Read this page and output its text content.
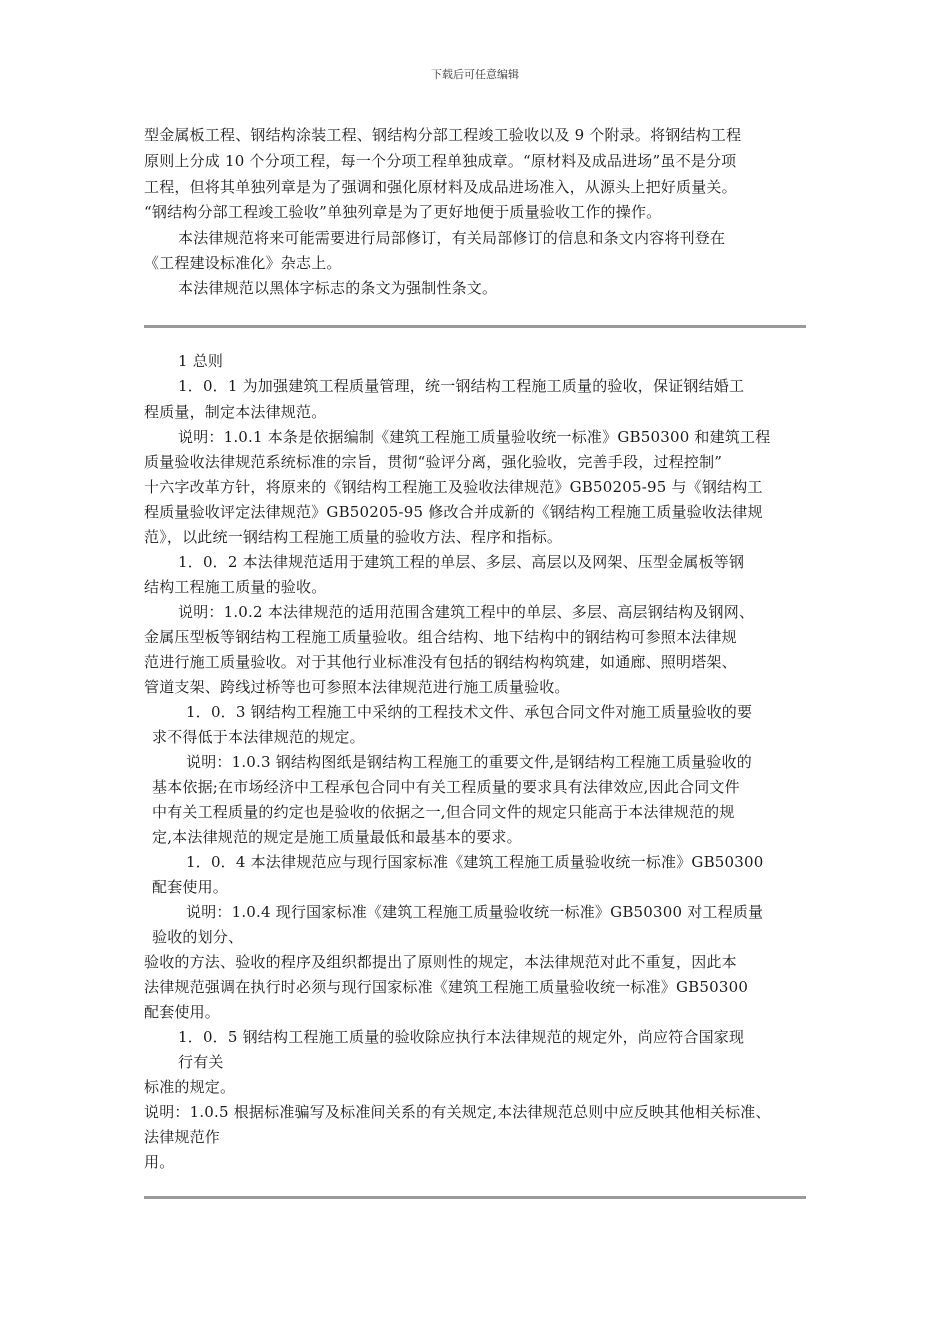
下载后可任意编辑
型金属板工程、钢结构涂装工程、钢结构分部工程竣工验收以及 9 个附录。将钢结构工程
原则上分成 10 个分项工程，每一个分项工程单独成章。“原材料及成品进场”虽不是分项
工程，但将其单独列章是为了强调和强化原材料及成品进场准入，从源头上把好质量关。
“钢结构分部工程竣工验收”单独列章是为了更好地便于质量验收工作的操作。
本法律规范将来可能需要进行局部修订，有关局部修订的信息和条文内容将刊登在
《工程建设标准化》杂志上。
本法律规范以黑体字标志的条文为强制性条文。
1 总则
1．0．1 为加强建筑工程质量管理，统一钢结构工程施工质量的验收，保证钢结婚工
程质量，制定本法律规范。
说明：1.0.1 本条是依据编制《建筑工程施工质量验收统一标准》GB50300 和建筑工程
质量验收法律规范系统标准的宗旨，贯彻“验评分离，强化验收，完善手段，过程控制”
十六字改革方针，将原来的《钢结构工程施工及验收法律规范》GB50205-95 与《钢结构工
程质量验收评定法律规范》GB50205-95 修改合并成新的《钢结构工程施工质量验收法律规
范》，以此统一钢结构工程施工质量的验收方法、程序和指标。
1．0．2 本法律规范适用于建筑工程的单层、多层、高层以及网架、压型金属板等钢
结构工程施工质量的验收。
说明：1.0.2 本法律规范的适用范围含建筑工程中的单层、多层、高层钢结构及钢网、
金属压型板等钢结构工程施工质量验收。组合结构、地下结构中的钢结构可参照本法律规
范进行施工质量验收。对于其他行业标准没有包括的钢结构构筑建，如通廊、照明塔架、
管道支架、跨线过桥等也可参照本法律规范进行施工质量验收。
1．0．3 钢结构工程施工中采纳的工程技术文件、承包合同文件对施工质量验收的要
求不得低于本法律规范的规定。
说明：1.0.3 钢结构图纸是钢结构工程施工的重要文件,是钢结构工程施工质量验收的
基本依据;在市场经济中工程承包合同中有关工程质量的要求具有法律效应,因此合同文件
中有关工程质量的约定也是验收的依据之一,但合同文件的规定只能高于本法律规范的规
定,本法律规范的规定是施工质量最低和最基本的要求。
1．0．4 本法律规范应与现行国家标准《建筑工程施工质量验收统一标准》GB50300
配套使用。
说明：1.0.4 现行国家标准《建筑工程施工质量验收统一标准》GB50300 对工程质量
验收的划分、
验收的方法、验收的程序及组织都提出了原则性的规定，本法律规范对此不重复，因此本
法律规范强调在执行时必须与现行国家标准《建筑工程施工质量验收统一标准》GB50300
配套使用。
1．0．5 钢结构工程施工质量的验收除应执行本法律规范的规定外，尚应符合国家现
行有关
标准的规定。
说明：1.0.5 根据标准骗写及标准间关系的有关规定,本法律规范总则中应反映其他相关标准、
法律规范作
用。
